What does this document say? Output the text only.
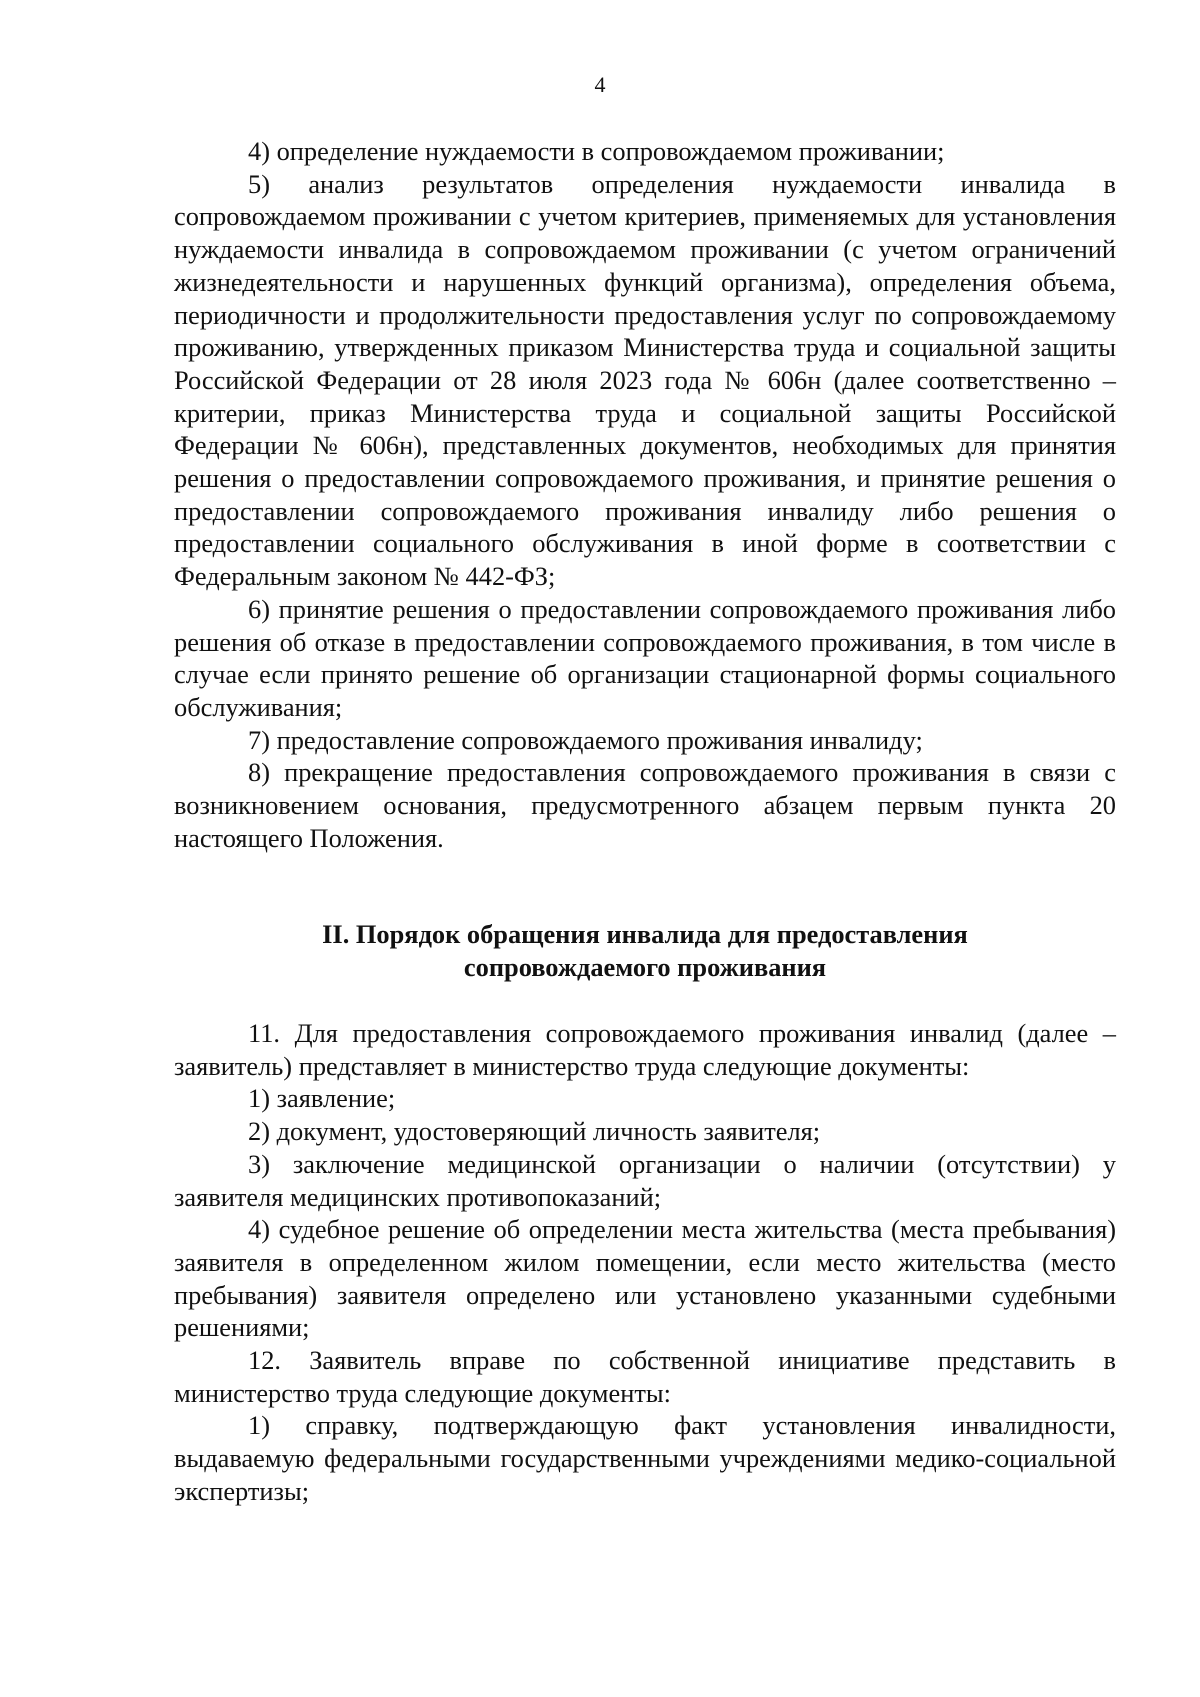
4

4) определение нуждаемости в сопровождаемом проживании;

5) анализ результатов определения нуждаемости инвалида в сопровождаемом проживании с учетом критериев, применяемых для установления нуждаемости инвалида в сопровождаемом проживании (с учетом ограничений жизнедеятельности и нарушенных функций организма), определения объема, периодичности и продолжительности предоставления услуг по сопровождаемому проживанию, утвержденных приказом Министерства труда и социальной защиты Российской Федерации от 28 июля 2023 года № 606н (далее соответственно – критерии, приказ Министерства труда и социальной защиты Российской Федерации № 606н), представленных документов, необходимых для принятия решения о предоставлении сопровождаемого проживания, и принятие решения о предоставлении сопровождаемого проживания инвалиду либо решения о предоставлении социального обслуживания в иной форме в соответствии с Федеральным законом № 442-ФЗ;

6) принятие решения о предоставлении сопровождаемого проживания либо решения об отказе в предоставлении сопровождаемого проживания, в том числе в случае если принято решение об организации стационарной формы социального обслуживания;

7) предоставление сопровождаемого проживания инвалиду;

8) прекращение предоставления сопровождаемого проживания в связи с возникновением основания, предусмотренного абзацем первым пункта 20 настоящего Положения.

II. Порядок обращения инвалида для предоставления
сопровождаемого проживания

11. Для предоставления сопровождаемого проживания инвалид (далее – заявитель) представляет в министерство труда следующие документы:

1) заявление;

2) документ, удостоверяющий личность заявителя;

3) заключение медицинской организации о наличии (отсутствии) у заявителя медицинских противопоказаний;

4) судебное решение об определении места жительства (места пребывания) заявителя в определенном жилом помещении, если место жительства (место пребывания) заявителя определено или установлено указанными судебными решениями;

12. Заявитель вправе по собственной инициативе представить в министерство труда следующие документы:

1) справку, подтверждающую факт установления инвалидности, выдаваемую федеральными государственными учреждениями медико-социальной экспертизы;
